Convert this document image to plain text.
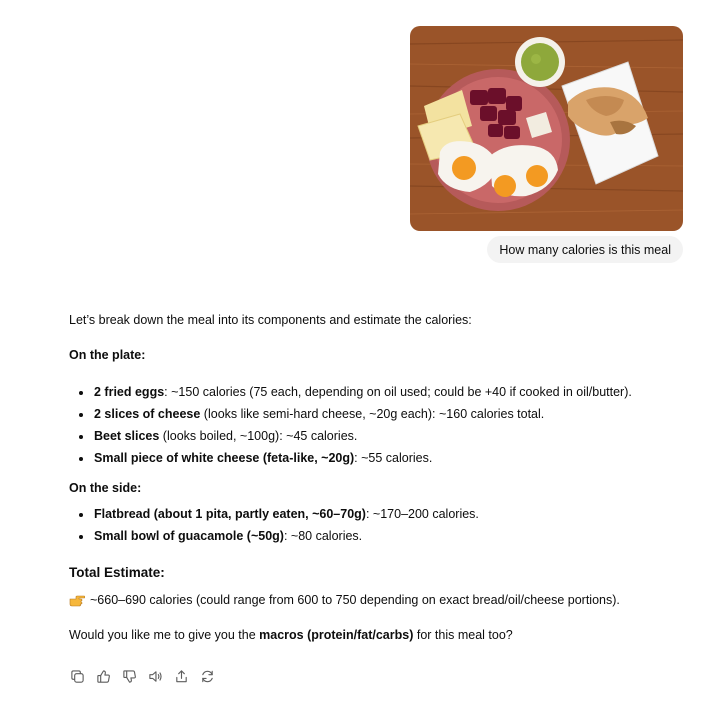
How many calories is this meal

Let’s break down the meal into its components and estimate the calories:

On the plate:

2 fried eggs: ~150 calories (75 each, depending on oil used; could be +40 if cooked in oil/butter).
2 slices of cheese (looks like semi-hard cheese, ~20g each): ~160 calories total.
Beet slices (looks boiled, ~100g): ~45 calories.
Small piece of white cheese (feta-like, ~20g): ~55 calories.

On the side:

Flatbread (about 1 pita, partly eaten, ~60–70g): ~170–200 calories.
Small bowl of guacamole (~50g): ~80 calories.

Total Estimate:

~660–690 calories (could range from 600 to 750 depending on exact bread/oil/cheese portions).

Would you like me to give you the macros (protein/fat/carbs) for this meal too?
